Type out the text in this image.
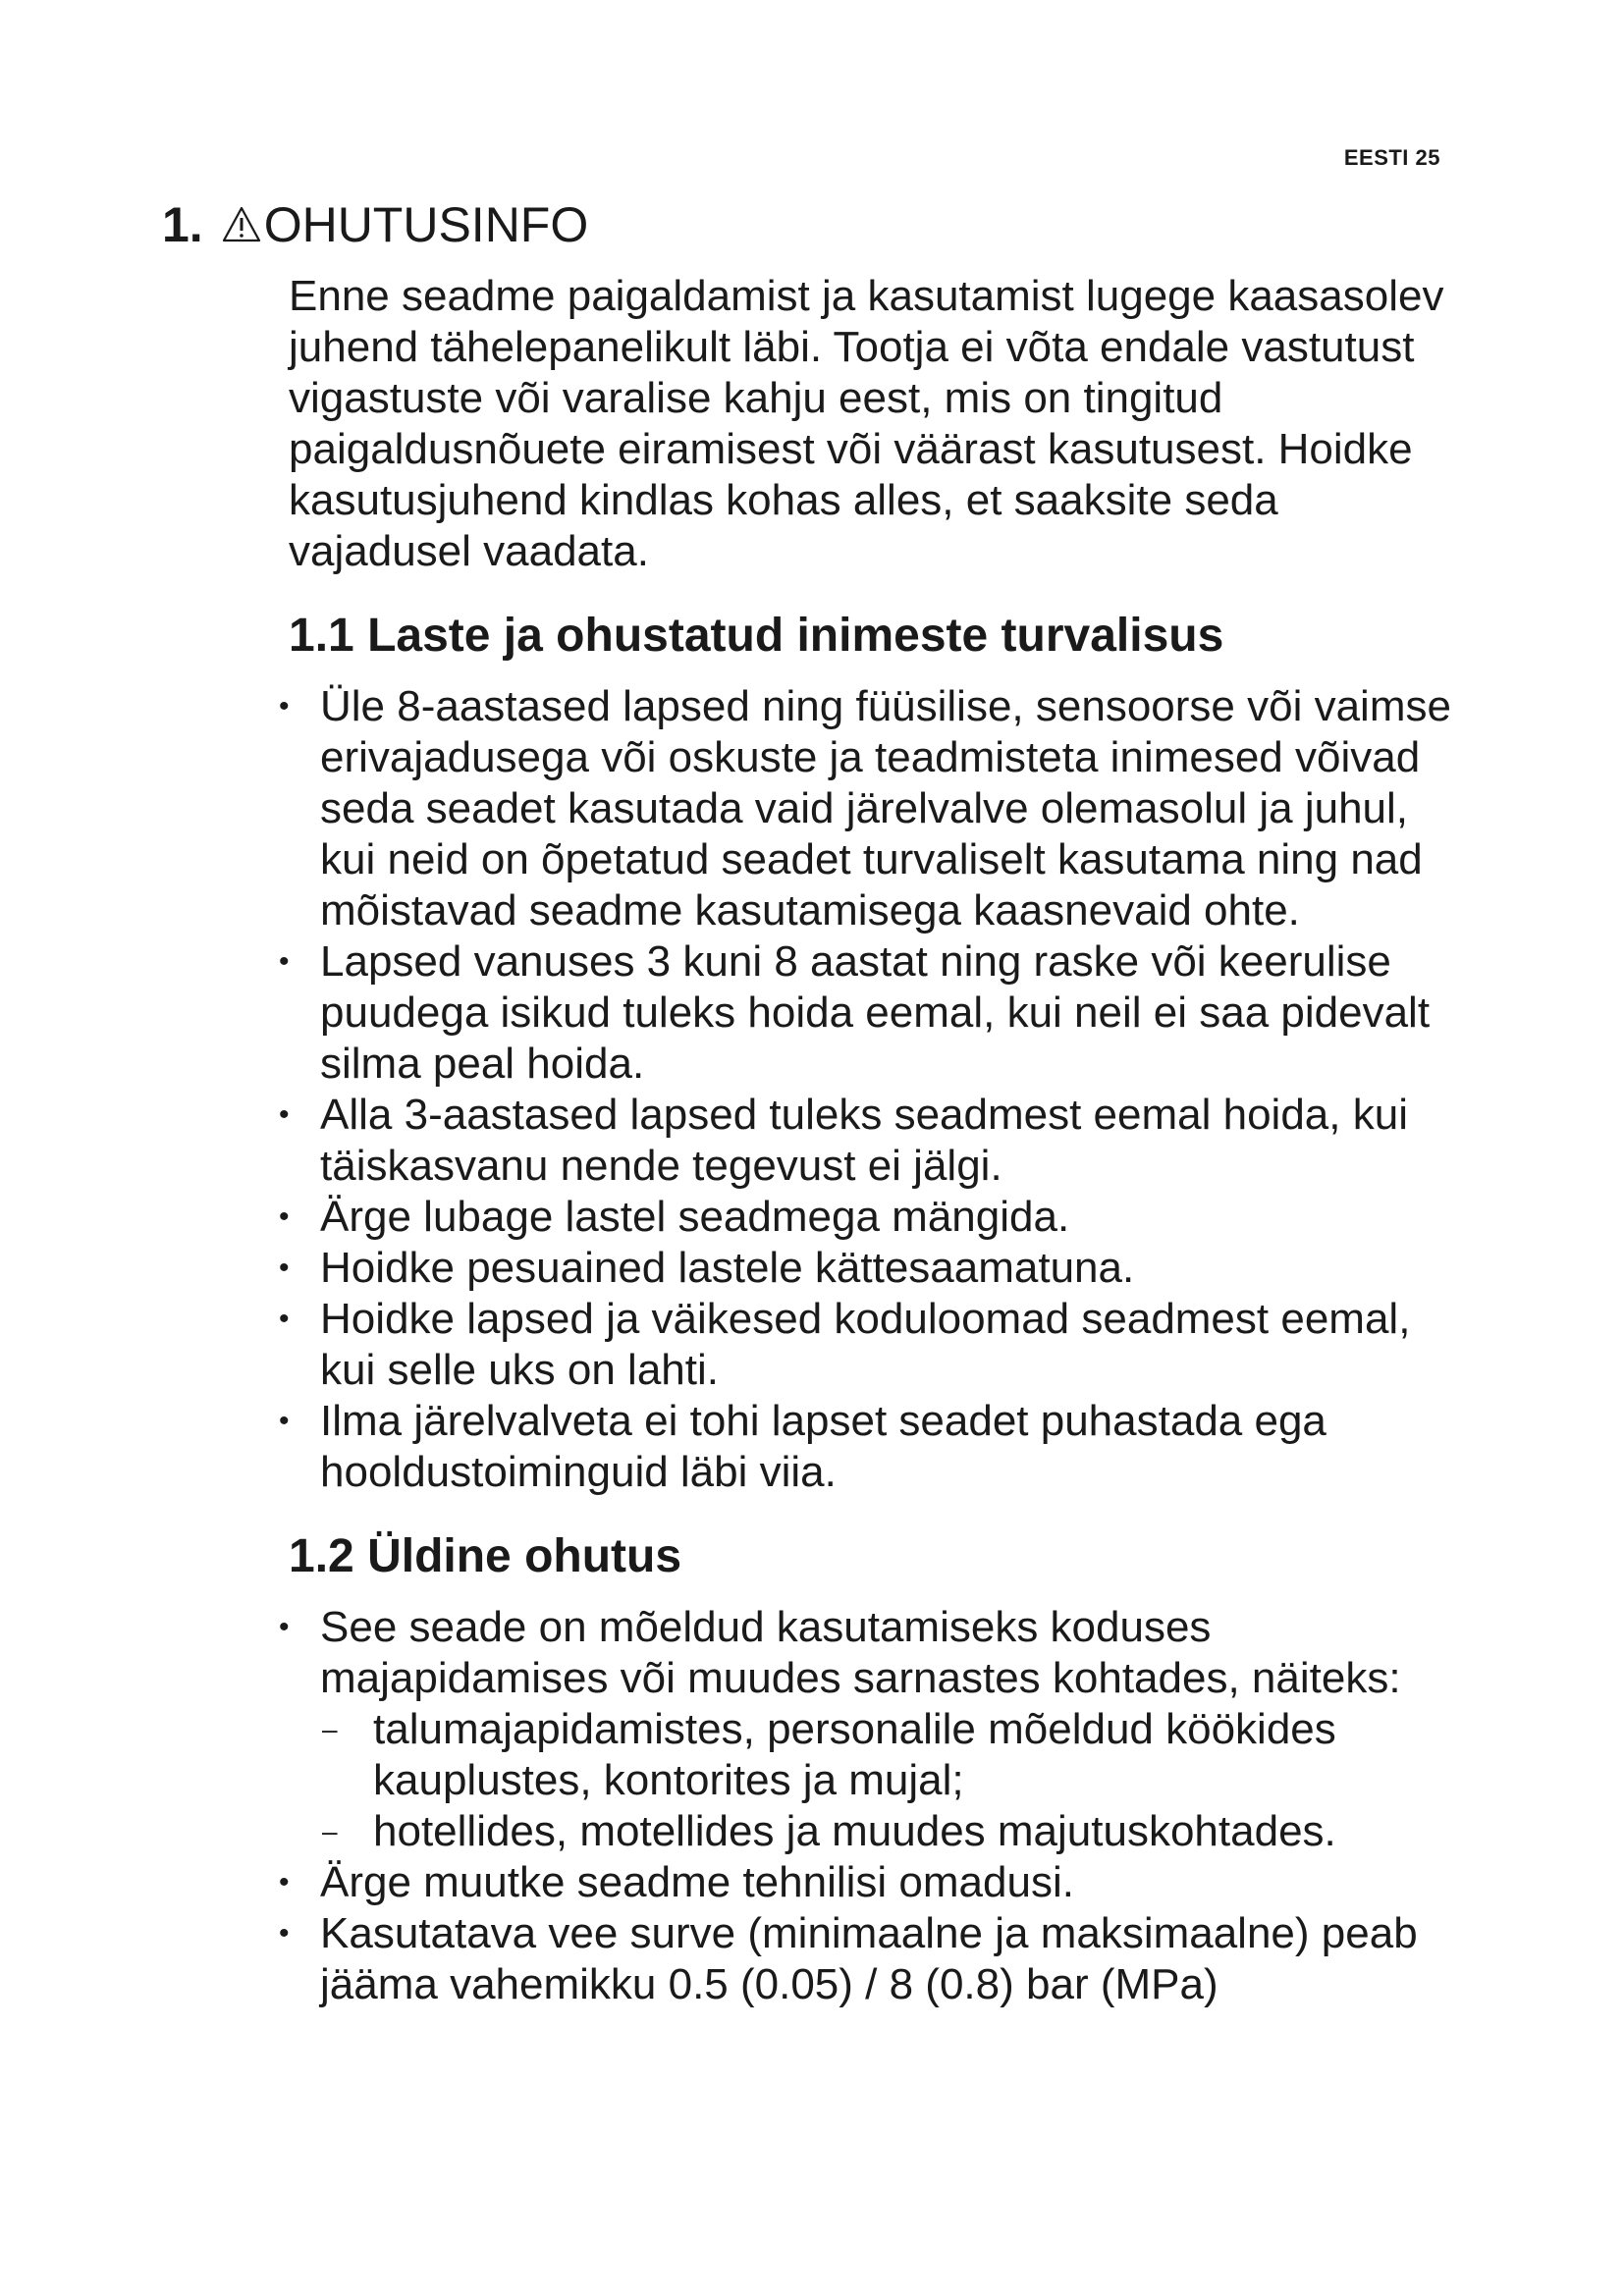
EESTI 25
1. OHUTUSINFO

Enne seadme paigaldamist ja kasutamist lugege kaasasolev juhend tähelepanelikult läbi. Tootja ei võta endale vastutust vigastuste või varalise kahju eest, mis on tingitud paigaldusnõuete eiramisest või väärast kasutusest. Hoidke kasutusjuhend kindlas kohas alles, et saaksite seda vajadusel vaadata.

1.1 Laste ja ohustatud inimeste turvalisus
• Üle 8-aastased lapsed ning füüsilise, sensoorse või vaimse erivajadusega või oskuste ja teadmisteta inimesed võivad seda seadet kasutada vaid järelvalve olemasolul ja juhul, kui neid on õpetatud seadet turvaliselt kasutama ning nad mõistavad seadme kasutamisega kaasnevaid ohte.
• Lapsed vanuses 3 kuni 8 aastat ning raske või keerulise puudega isikud tuleks hoida eemal, kui neil ei saa pidevalt silma peal hoida.
• Alla 3-aastased lapsed tuleks seadmest eemal hoida, kui täiskasvanu nende tegevust ei jälgi.
• Ärge lubage lastel seadmega mängida.
• Hoidke pesuained lastele kättesaamatuna.
• Hoidke lapsed ja väikesed koduloomad seadmest eemal, kui selle uks on lahti.
• Ilma järelvalveta ei tohi lapset seadet puhastada ega hooldustoiminguid läbi viia.
1.2 Üldine ohutus
• See seade on mõeldud kasutamiseks koduses majapidamises või muudes sarnastes kohtades, näiteks:
– talumajapidamistes, personalile mõeldud köökides kauplustes, kontorites ja mujal;
– hotellides, motellides ja muudes majutuskohtades.
• Ärge muutke seadme tehnilisi omadusi.
• Kasutatava vee surve (minimaalne ja maksimaalne) peab jääma vahemikku 0.5 (0.05) / 8 (0.8) bar (MPa)
